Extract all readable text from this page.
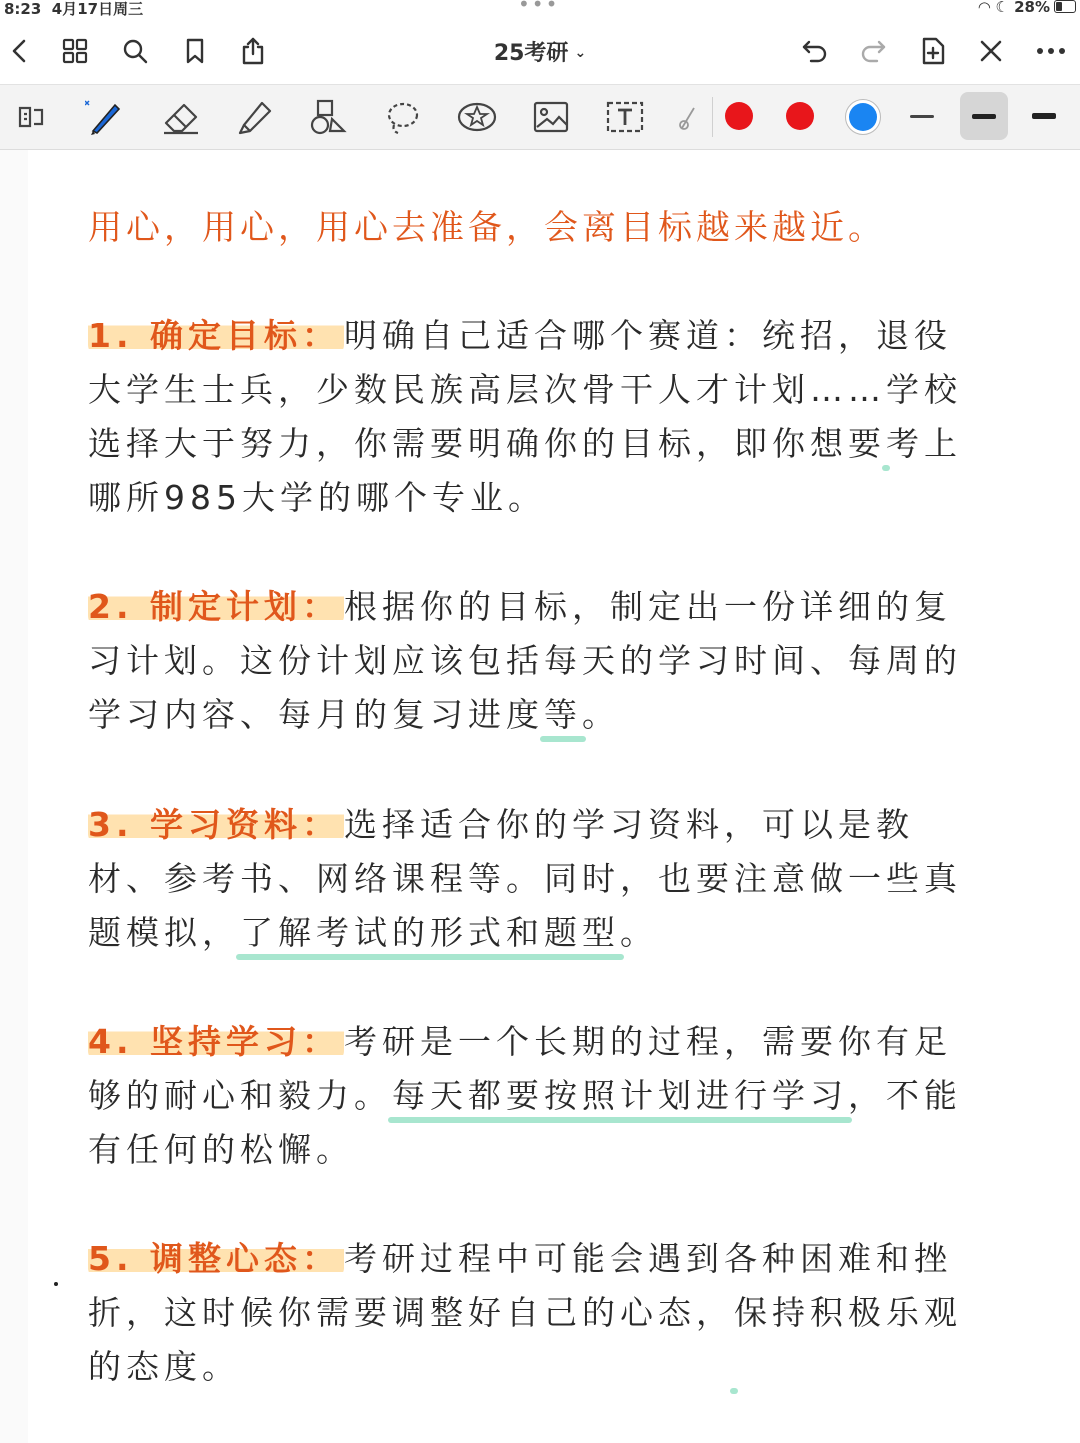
8:23 4月17日周三	•••	◠ ☾ 28%
25考研 ⌄
用心，用心，用心去准备，会离目标越来越近。
1. 确定目标： 明确自己适合哪个赛道：统招，退役大学生士兵，少数民族高层次骨干人才计划……学校选择大于努力，你需要明确你的目标，即你想要考上哪所985大学的哪个专业。
2. 制定计划： 根据你的目标，制定出一份详细的复习计划。这份计划应该包括每天的学习时间、每周的学习内容、每月的复习进度等。
3. 学习资料： 选择适合你的学习资料，可以是教材、参考书、网络课程等。同时，也要注意做一些真题模拟，了解考试的形式和题型。
4. 坚持学习： 考研是一个长期的过程，需要你有足够的耐心和毅力。每天都要按照计划进行学习，不能有任何的松懈。
5. 调整心态： 考研过程中可能会遇到各种困难和挫折，这时候你需要调整好自己的心态，保持积极乐观的态度。
